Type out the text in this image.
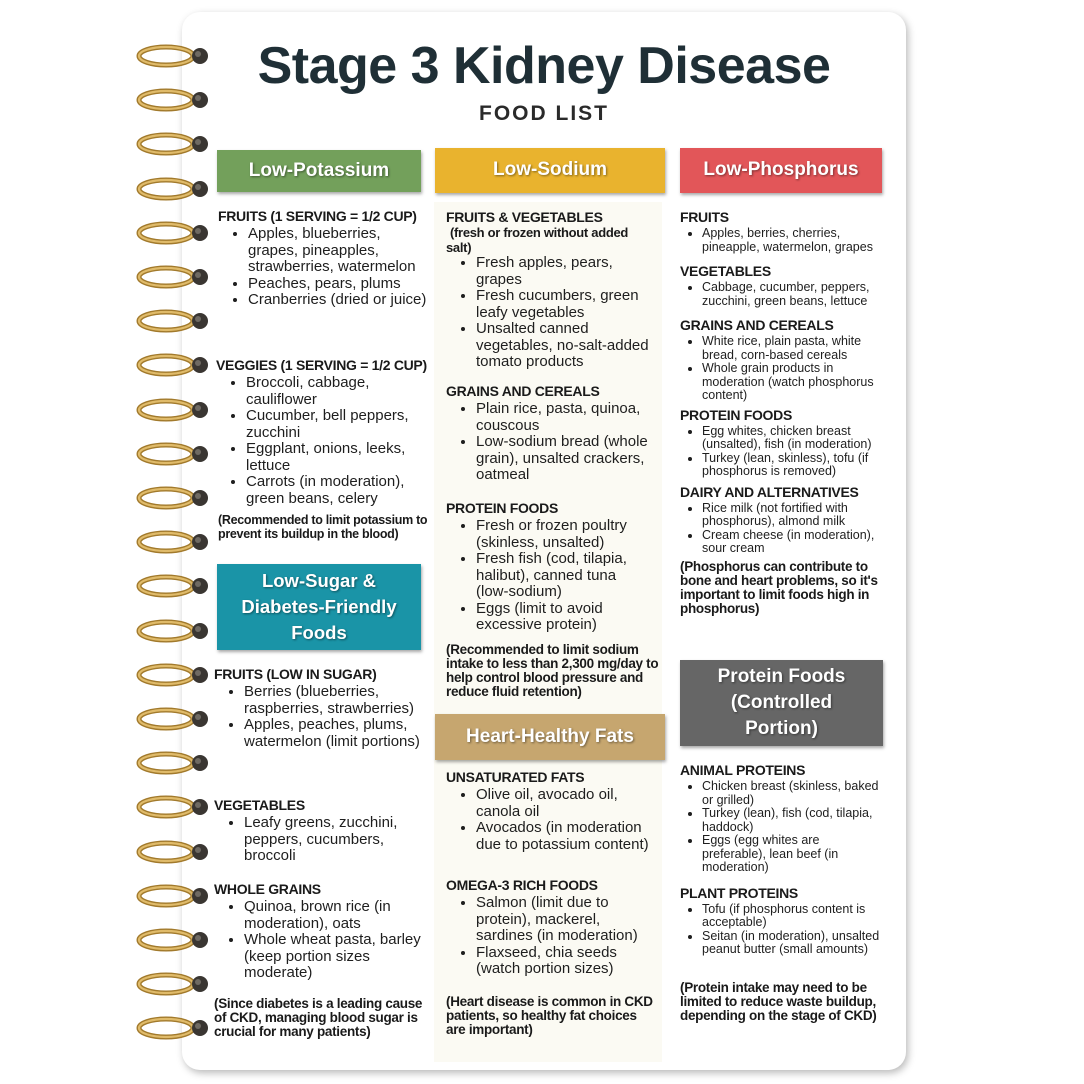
Stage 3 Kidney Disease
FOOD LIST
Low-Potassium

FRUITS (1 SERVING = 1/2 CUP)

• Apples, blueberries, grapes, pineapples, strawberries, watermelon
• Peaches, pears, plums
• Cranberries (dried or juice)

VEGGIES (1 SERVING = 1/2 CUP)

• Broccoli, cabbage, cauliflower
• Cucumber, bell peppers, zucchini
• Eggplant, onions, leeks, lettuce
• Carrots (in moderation), green beans, celery

(Recommended to limit potassium to prevent its buildup in the blood)

Low-Sugar &
Diabetes-Friendly
Foods

FRUITS (LOW IN SUGAR)

• Berries (blueberries, raspberries, strawberries)
• Apples, peaches, plums, watermelon (limit portions)

VEGETABLES

• Leafy greens, zucchini, peppers, cucumbers, broccoli

WHOLE GRAINS

• Quinoa, brown rice (in moderation), oats
• Whole wheat pasta, barley (keep portion sizes moderate)

(Since diabetes is a leading cause of CKD, managing blood sugar is crucial for many patients)

Low-Sodium

FRUITS & VEGETABLES

(fresh or frozen without added salt)

• Fresh apples, pears, grapes
• Fresh cucumbers, green leafy vegetables
• Unsalted canned vegetables, no-salt-added tomato products

GRAINS AND CEREALS

• Plain rice, pasta, quinoa, couscous
• Low-sodium bread (whole grain), unsalted crackers, oatmeal

PROTEIN FOODS

• Fresh or frozen poultry (skinless, unsalted)
• Fresh fish (cod, tilapia, halibut), canned tuna (low-sodium)
• Eggs (limit to avoid excessive protein)

(Recommended to limit sodium intake to less than 2,300 mg/day to help control blood pressure and reduce fluid retention)

Heart-Healthy Fats

UNSATURATED FATS

• Olive oil, avocado oil, canola oil
• Avocados (in moderation due to potassium content)

OMEGA-3 RICH FOODS

• Salmon (limit due to protein), mackerel, sardines (in moderation)
• Flaxseed, chia seeds (watch portion sizes)

(Heart disease is common in CKD patients, so healthy fat choices are important)

Low-Phosphorus

FRUITS

• Apples, berries, cherries, pineapple, watermelon, grapes

VEGETABLES

• Cabbage, cucumber, peppers, zucchini, green beans, lettuce

GRAINS AND CEREALS

• White rice, plain pasta, white bread, corn-based cereals
• Whole grain products in moderation (watch phosphorus content)

PROTEIN FOODS

• Egg whites, chicken breast (unsalted), fish (in moderation)
• Turkey (lean, skinless), tofu (if phosphorus is removed)

DAIRY AND ALTERNATIVES

• Rice milk (not fortified with phosphorus), almond milk
• Cream cheese (in moderation), sour cream

(Phosphorus can contribute to bone and heart problems, so it's important to limit foods high in phosphorus)

Protein Foods
(Controlled
Portion)

ANIMAL PROTEINS

• Chicken breast (skinless, baked or grilled)
• Turkey (lean), fish (cod, tilapia, haddock)
• Eggs (egg whites are preferable), lean beef (in moderation)

PLANT PROTEINS

• Tofu (if phosphorus content is acceptable)
• Seitan (in moderation), unsalted peanut butter (small amounts)

(Protein intake may need to be limited to reduce waste buildup, depending on the stage of CKD)
